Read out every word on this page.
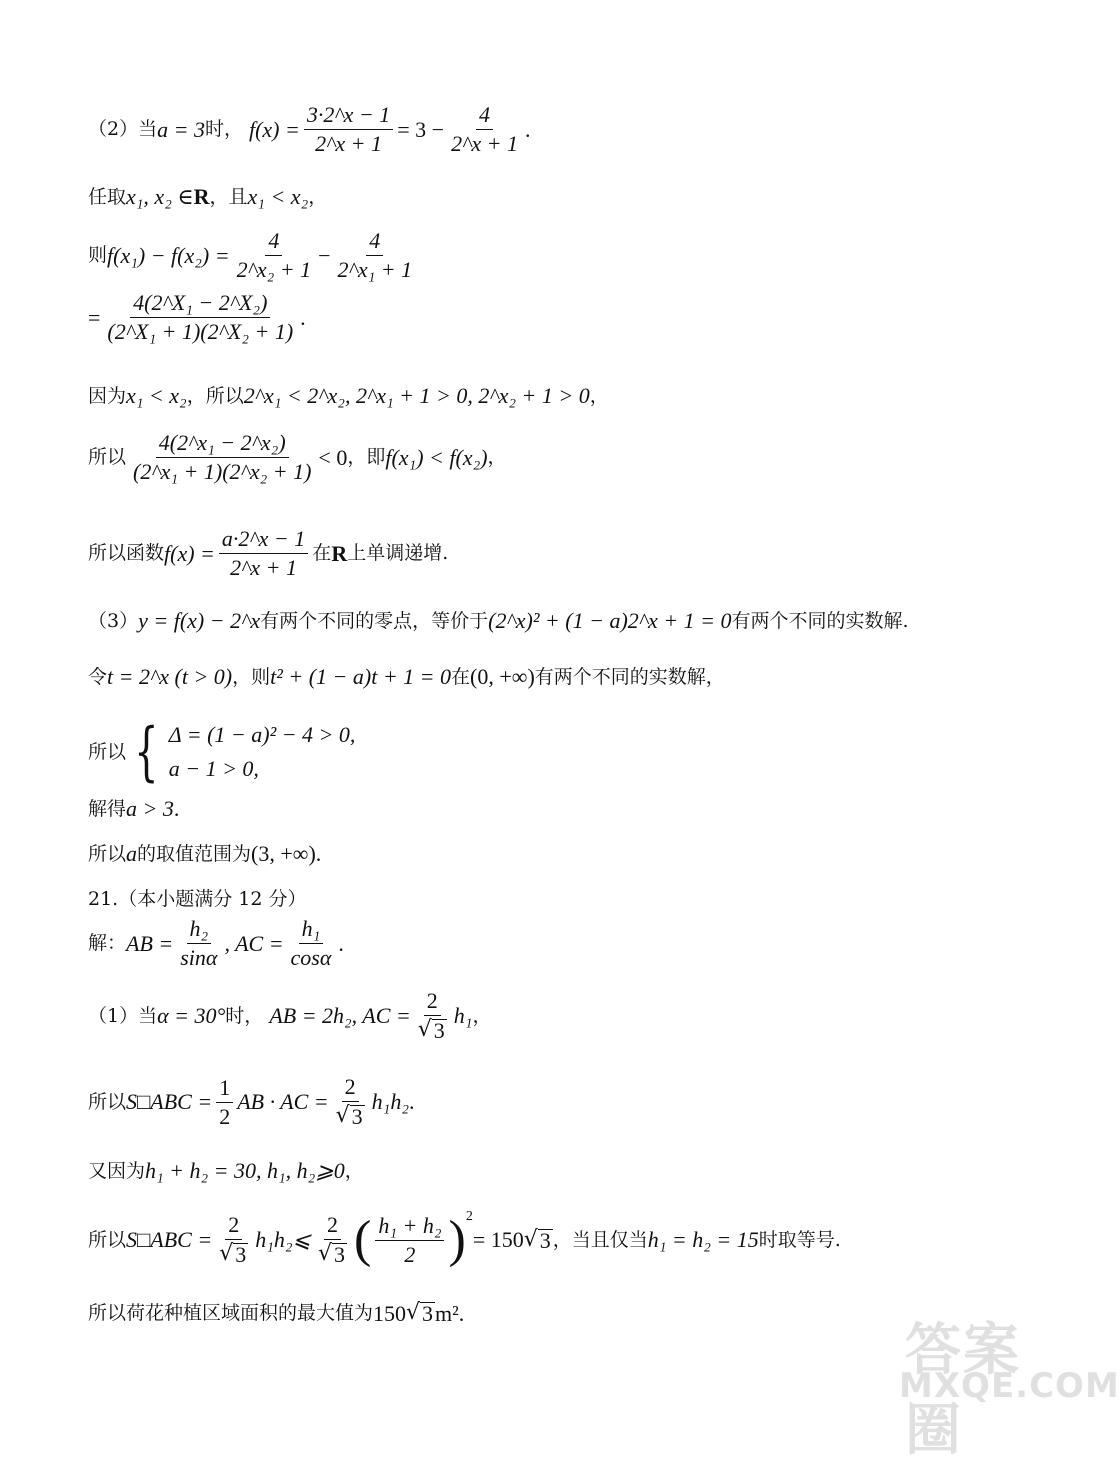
（2）当 a = 3 时， $f(x) = \frac{3\cdot 2\^{}x - 1}{2\^{}x + 1} = 3 - \frac{4}{2\^{}x + 1}$ .
任取 x₁, x₂ ∈ R ，且 x₁ < x₂ ，
则 $f(x_1) - f(x_2) = \frac{4}{\text{2\textasciicircum{}x₂ + 1}} - \frac{4}{\text{2\textasciicircum{}x₁ + 1}}$
= $\frac{\text{4(2\textasciicircum{}X₁ − 2\textasciicircum{}X₂)}}{\text{(2\textasciicircum{}X₁ + 1)(2\textasciicircum{}X₂ + 1)}}$ .
因为 x₁ < x₂ ，所以 2^x₁ < 2^x₂, 2^x₁ + 1 > 0, 2^x₂ + 1 > 0 ，
所以 $\frac{\text{4(2\textasciicircum{}x₁ − 2\textasciicircum{}x₂)}}{\text{(2\textasciicircum{}x₁ + 1)(2\textasciicircum{}x₂ + 1)}} < 0$ ，即 f(x₁) < f(x₂) ，
所以函数 $f(x) = \frac{a\cdot 2\^{}x - 1}{2\^{}x + 1}$ 在 R 上单调递增.
（3） y = f(x) − 2^x 有两个不同的零点，等价于 (2^x)² + (1 − a)2^x + 1 = 0 有两个不同的实数解.
令 t = 2^x (t > 0) ，则 t² + (1 − a)t + 1 = 0 在 (0, +∞) 有两个不同的实数解，
所以 { Δ = (1 − a)² − 4 > 0,
a − 1 > 0,
解得 a > 3 .
所以 a 的取值范围为 (3, +∞) .
21.（本小题满分 12 分）
解： AB = $\frac{\text{h₂}}{\sin\alpha}$ , AC = $\frac{\text{h₁}}{\cos\alpha}$ .
（1）当 α = 30° 时， AB = 2h₂, AC = $\frac{2}{√ 3} h_1$ ，
所以 S□ABC = $\frac{1}{2}$ AB · AC = $\frac{2}{√ 3} h_1h_2$ .
又因为 h₁ + h₂ = 30, h₁, h₂⩾0 ，
所以 S□ABC = $\frac{2}{√ 3}$ h₁h₂⩽ $\frac{2}{√ 3}$ ( $\frac{\text{h₁ + h₂}}{2}$ ) 2
= 150 √ 3 ，当且仅当 h₁ = h₂ = 15 时取等号.
所以荷花种植区域面积的最大值为 150 √ 3 m² .
答案圈
MXQE.COM
